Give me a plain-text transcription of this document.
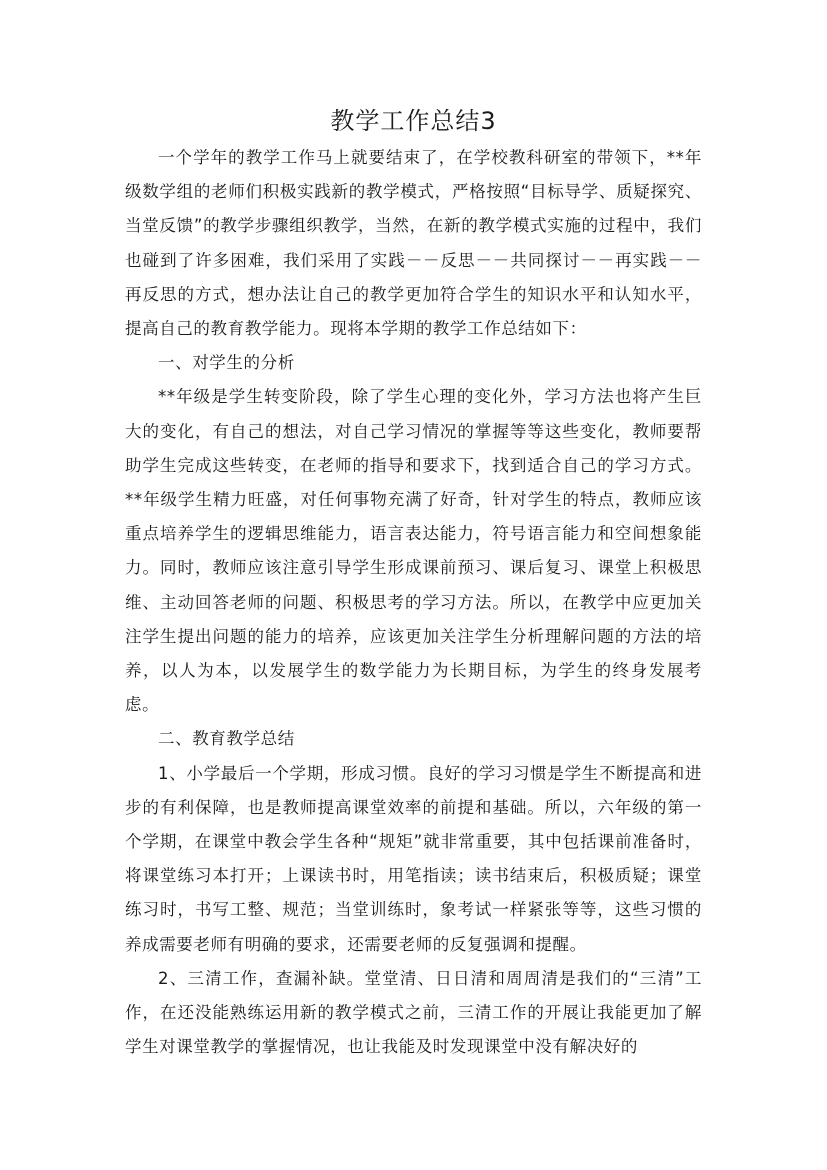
教学工作总结3

一个学年的教学工作马上就要结束了，在学校教科研室的带领下，**年级数学组的老师们积极实践新的教学模式，严格按照“目标导学、质疑探究、当堂反馈”的教学步骤组织教学，当然，在新的教学模式实施的过程中，我们也碰到了许多困难，我们采用了实践－－反思－－共同探讨－－再实践－－再反思的方式，想办法让自己的教学更加符合学生的知识水平和认知水平，提高自己的教育教学能力。现将本学期的教学工作总结如下：

一、对学生的分析

**年级是学生转变阶段，除了学生心理的变化外，学习方法也将产生巨大的变化，有自己的想法，对自己学习情况的掌握等等这些变化，教师要帮助学生完成这些转变，在老师的指导和要求下，找到适合自己的学习方式。**年级学生精力旺盛，对任何事物充满了好奇，针对学生的特点，教师应该重点培养学生的逻辑思维能力，语言表达能力，符号语言能力和空间想象能力。同时，教师应该注意引导学生形成课前预习、课后复习、课堂上积极思维、主动回答老师的问题、积极思考的学习方法。所以，在教学中应更加关注学生提出问题的能力的培养，应该更加关注学生分析理解问题的方法的培养，以人为本，以发展学生的数学能力为长期目标，为学生的终身发展考虑。

二、教育教学总结

1、小学最后一个学期，形成习惯。良好的学习习惯是学生不断提高和进步的有利保障，也是教师提高课堂效率的前提和基础。所以，六年级的第一个学期，在课堂中教会学生各种“规矩”就非常重要，其中包括课前准备时，将课堂练习本打开；上课读书时，用笔指读；读书结束后，积极质疑；课堂练习时，书写工整、规范；当堂训练时，象考试一样紧张等等，这些习惯的养成需要老师有明确的要求，还需要老师的反复强调和提醒。

2、三清工作，查漏补缺。堂堂清、日日清和周周清是我们的“三清”工作，在还没能熟练运用新的教学模式之前，三清工作的开展让我能更加了解学生对课堂教学的掌握情况，也让我能及时发现课堂中没有解决好的
